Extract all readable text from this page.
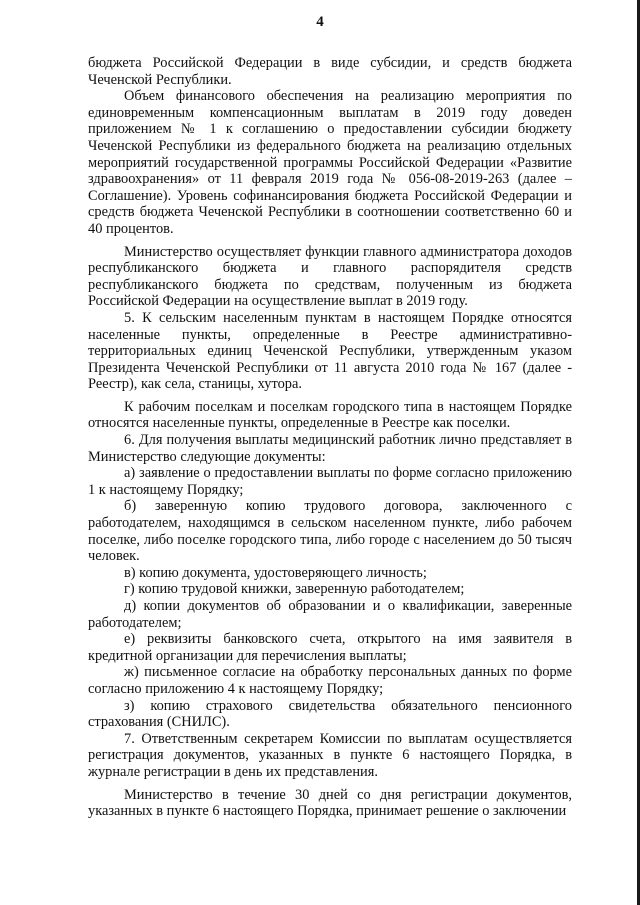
4

бюджета Российской Федерации в виде субсидии, и средств бюджета Чеченской Республики.

Объем финансового обеспечения на реализацию мероприятия по единовременным компенсационным выплатам в 2019 году доведен приложением № 1 к соглашению о предоставлении субсидии бюджету Чеченской Республики из федерального бюджета на реализацию отдельных мероприятий государственной программы Российской Федерации «Развитие здравоохранения» от 11 февраля 2019 года № 056-08-2019-263 (далее – Соглашение). Уровень софинансирования бюджета Российской Федерации и средств бюджета Чеченской Республики в соотношении соответственно 60 и 40 процентов.

Министерство осуществляет функции главного администратора доходов республиканского бюджета и главного распорядителя средств республиканского бюджета по средствам, полученным из бюджета Российской Федерации на осуществление выплат в 2019 году.

5. К сельским населенным пунктам в настоящем Порядке относятся населенные пункты, определенные в Реестре административно-территориальных единиц Чеченской Республики, утвержденным указом Президента Чеченской Республики от 11 августа 2010 года № 167 (далее - Реестр), как села, станицы, хутора.

К рабочим поселкам и поселкам городского типа в настоящем Порядке относятся населенные пункты, определенные в Реестре как поселки.

6. Для получения выплаты медицинский работник лично представляет в Министерство следующие документы:

а) заявление о предоставлении выплаты по форме согласно приложению 1 к настоящему Порядку;

б) заверенную копию трудового договора, заключенного с работодателем, находящимся в сельском населенном пункте, либо рабочем поселке, либо поселке городского типа, либо городе с населением до 50 тысяч человек.

в) копию документа, удостоверяющего личность;

г) копию трудовой книжки, заверенную работодателем;

д) копии документов об образовании и о квалификации, заверенные работодателем;

е) реквизиты банковского счета, открытого на имя заявителя в кредитной организации для перечисления выплаты;

ж) письменное согласие на обработку персональных данных по форме согласно приложению 4 к настоящему Порядку;

з) копию страхового свидетельства обязательного пенсионного страхования (СНИЛС).

7. Ответственным секретарем Комиссии по выплатам осуществляется регистрация документов, указанных в пункте 6 настоящего Порядка, в журнале регистрации в день их представления.

Министерство в течение 30 дней со дня регистрации документов, указанных в пункте 6 настоящего Порядка, принимает решение о заключении
